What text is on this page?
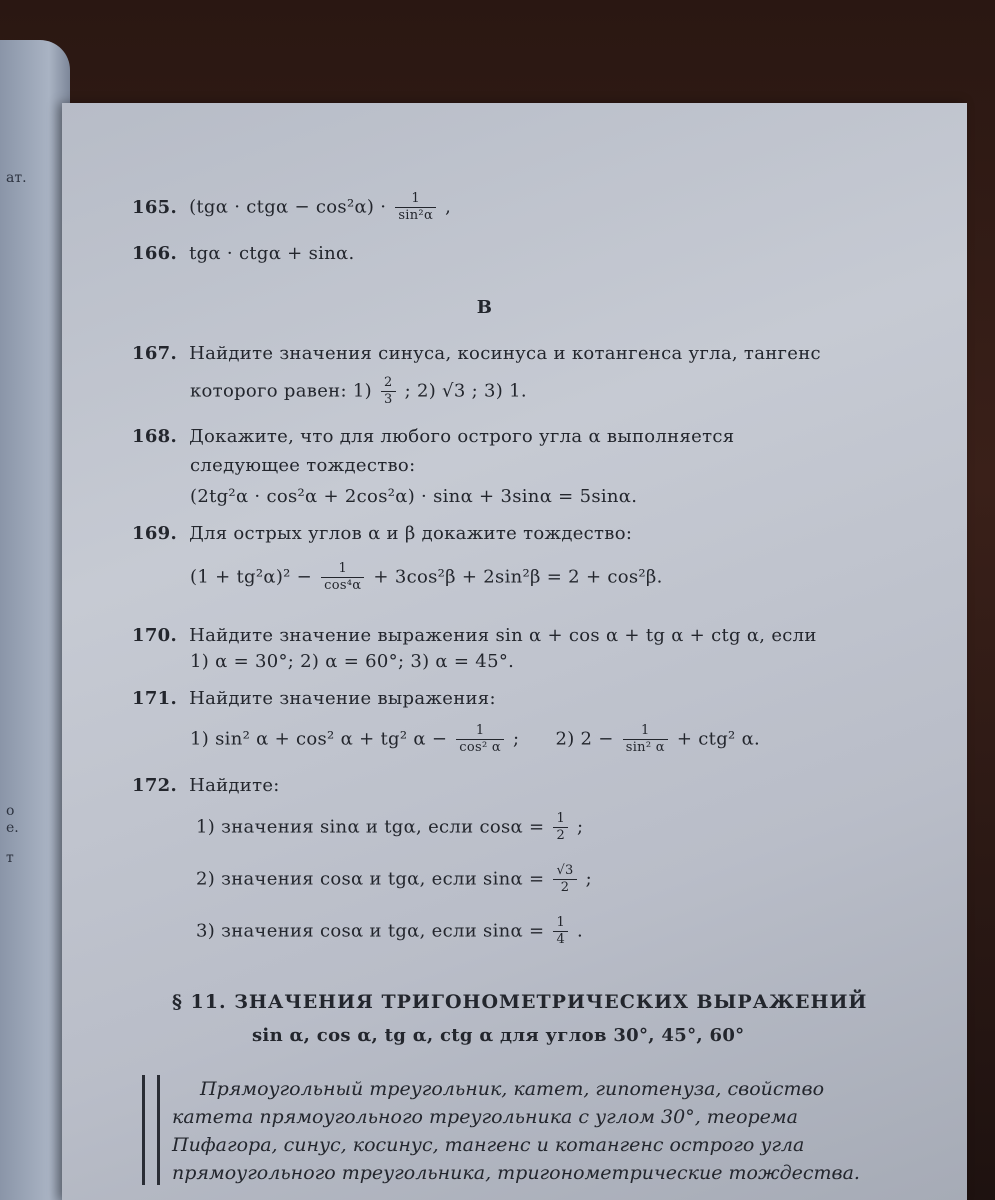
ат.
о
е.
т
165. $(tg\alpha \cdot ctg\alpha - \cos^2\alpha) \cdot \frac{1}{\text{sin²α}}$ ,
166. tgα · ctgα + sinα.
B
167. Найдите значения синуса, косинуса и котангенса угла, тангенс
которого равен: $1) \frac{2}{3}$ ; 2) √3 ; 3) 1.
168. Докажите, что для любого острого угла α выполняется
следующее тождество:
(2tg²α · cos²α + 2cos²α) · sinα + 3sinα = 5sinα.
169. Для острых углов α и β докажите тождество:
$(1 + tg^2\alpha)^2 - \frac{1}{\text{cos⁴α}} + 3\cos^2\beta + 2\sin^2\beta = 2 + \cos^2\beta$.
170. Найдите значение выражения sin α + cos α + tg α + ctg α, если
1) α = 30°; 2) α = 60°; 3) α = 45°.
171. Найдите значение выражения:
1) sin² α + cos² α + tg² $\alpha - \frac{1}{\text{cos² α}}$ ; 2) $2 - \frac{1}{\text{sin² α}} + ctg^2$ α.
172. Найдите:
1) значения sinα и tgα, если $\cos\alpha = \frac{1}{2}$ ;
2) значения cosα и tgα, если $\sin\alpha = \frac{√3}{2}$ ;
3) значения cosα и tgα, если $\sin\alpha = \frac{1}{4}$ .
§ 11. ЗНАЧЕНИЯ ТРИГОНОМЕТРИЧЕСКИХ ВЫРАЖЕНИЙ
sin α, cos α, tg α, ctg α для углов 30°, 45°, 60°
Прямоугольный треугольник, катет, гипотенуза, свойство
катета прямоугольного треугольника с углом 30°, теорема
Пифагора, синус, косинус, тангенс и котангенс острого угла
прямоугольного треугольника, тригонометрические тождества.
